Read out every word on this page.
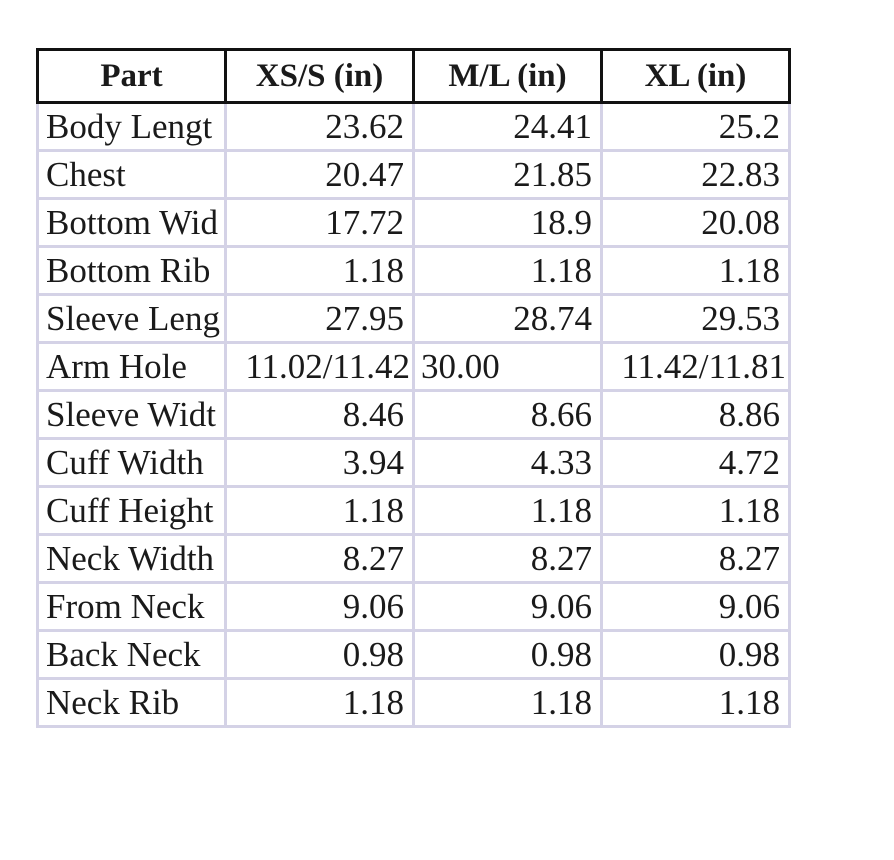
Part	XS/S (in)	M/L (in)	XL (in)
Body Lengt	23.62	24.41	25.2
Chest	20.47	21.85	22.83
Bottom Wid	17.72	18.9	20.08
Bottom Rib	1.18	1.18	1.18
Sleeve Leng	27.95	28.74	29.53
Arm Hole	11.02/11.42	30.00	11.42/11.81
Sleeve Widt	8.46	8.66	8.86
Cuff Width	3.94	4.33	4.72
Cuff Height	1.18	1.18	1.18
Neck Width	8.27	8.27	8.27
From Neck	9.06	9.06	9.06
Back Neck	0.98	0.98	0.98
Neck Rib	1.18	1.18	1.18
